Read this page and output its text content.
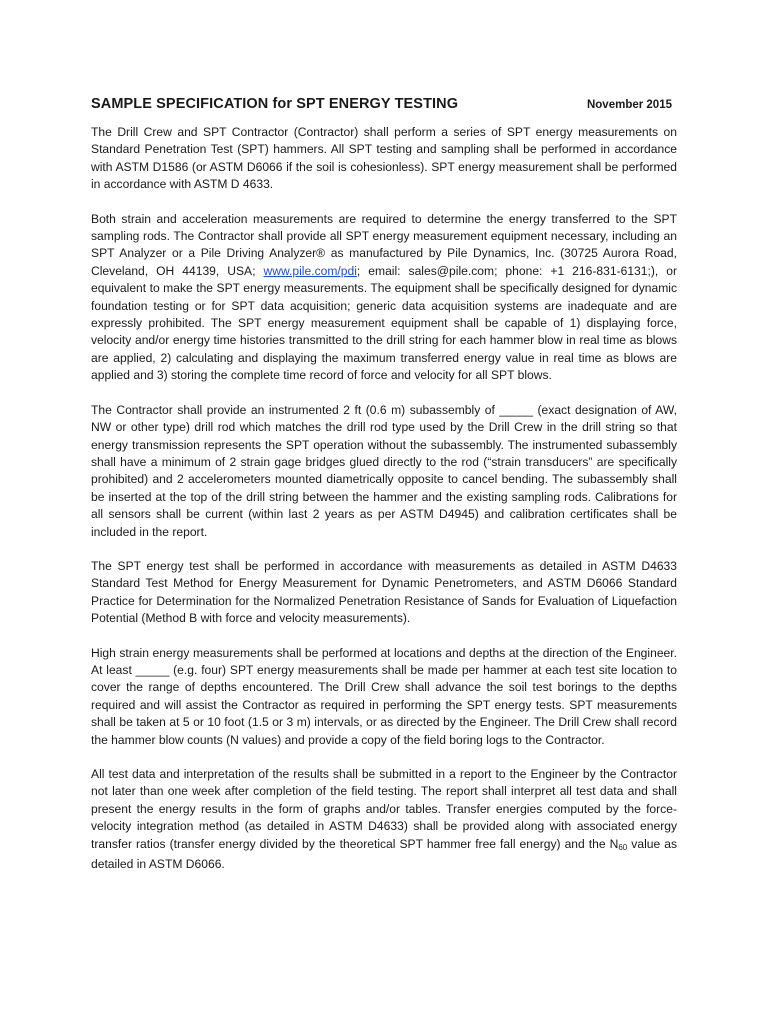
SAMPLE SPECIFICATION for SPT ENERGY TESTING	November 2015

The Drill Crew and SPT Contractor (Contractor) shall perform a series of SPT energy measurements on Standard Penetration Test (SPT) hammers. All SPT testing and sampling shall be performed in accordance with ASTM D1586 (or ASTM D6066 if the soil is cohesionless). SPT energy measurement shall be performed in accordance with ASTM D 4633.

Both strain and acceleration measurements are required to determine the energy transferred to the SPT sampling rods. The Contractor shall provide all SPT energy measurement equipment necessary, including an SPT Analyzer or a Pile Driving Analyzer® as manufactured by Pile Dynamics, Inc. (30725 Aurora Road, Cleveland, OH 44139, USA; www.pile.com/pdi; email: sales@pile.com; phone: +1 216-831-6131;), or equivalent to make the SPT energy measurements. The equipment shall be specifically designed for dynamic foundation testing or for SPT data acquisition; generic data acquisition systems are inadequate and are expressly prohibited. The SPT energy measurement equipment shall be capable of 1) displaying force, velocity and/or energy time histories transmitted to the drill string for each hammer blow in real time as blows are applied, 2) calculating and displaying the maximum transferred energy value in real time as blows are applied and 3) storing the complete time record of force and velocity for all SPT blows.

The Contractor shall provide an instrumented 2 ft (0.6 m) subassembly of _____ (exact designation of AW, NW or other type) drill rod which matches the drill rod type used by the Drill Crew in the drill string so that energy transmission represents the SPT operation without the subassembly. The instrumented subassembly shall have a minimum of 2 strain gage bridges glued directly to the rod (“strain transducers” are specifically prohibited) and 2 accelerometers mounted diametrically opposite to cancel bending. The subassembly shall be inserted at the top of the drill string between the hammer and the existing sampling rods. Calibrations for all sensors shall be current (within last 2 years as per ASTM D4945) and calibration certificates shall be included in the report.

The SPT energy test shall be performed in accordance with measurements as detailed in ASTM D4633 Standard Test Method for Energy Measurement for Dynamic Penetrometers, and ASTM D6066 Standard Practice for Determination for the Normalized Penetration Resistance of Sands for Evaluation of Liquefaction Potential (Method B with force and velocity measurements).

High strain energy measurements shall be performed at locations and depths at the direction of the Engineer. At least _____ (e.g. four) SPT energy measurements shall be made per hammer at each test site location to cover the range of depths encountered. The Drill Crew shall advance the soil test borings to the depths required and will assist the Contractor as required in performing the SPT energy tests. SPT measurements shall be taken at 5 or 10 foot (1.5 or 3 m) intervals, or as directed by the Engineer. The Drill Crew shall record the hammer blow counts (N values) and provide a copy of the field boring logs to the Contractor.

All test data and interpretation of the results shall be submitted in a report to the Engineer by the Contractor not later than one week after completion of the field testing. The report shall interpret all test data and shall present the energy results in the form of graphs and/or tables. Transfer energies computed by the force-velocity integration method (as detailed in ASTM D4633) shall be provided along with associated energy transfer ratios (transfer energy divided by the theoretical SPT hammer free fall energy) and the $N_{60}$ value as detailed in ASTM D6066.
